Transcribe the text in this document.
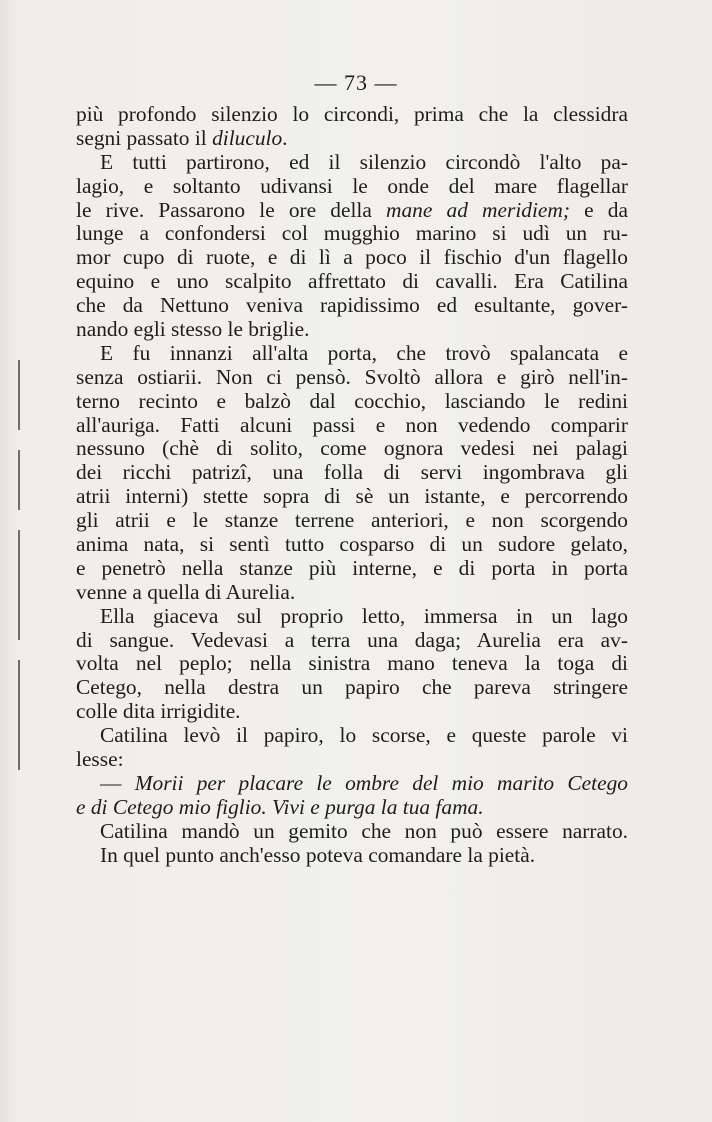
— 73 —
più profondo silenzio lo circondi, prima che la clessidra
segni passato il diluculo.
E tutti partirono, ed il silenzio circondò l'alto pa-
lagio, e soltanto udivansi le onde del mare flagellar
le rive. Passarono le ore della mane ad meridiem; e da
lunge a confondersi col mugghio marino si udì un ru-
mor cupo di ruote, e di lì a poco il fischio d'un flagello
equino e uno scalpito affrettato di cavalli. Era Catilina
che da Nettuno veniva rapidissimo ed esultante, gover-
nando egli stesso le briglie.
E fu innanzi all'alta porta, che trovò spalancata e
senza ostiarii. Non ci pensò. Svoltò allora e girò nell'in-
terno recinto e balzò dal cocchio, lasciando le redini
all'auriga. Fatti alcuni passi e non vedendo comparir
nessuno (chè di solito, come ognora vedesi nei palagi
dei ricchi patrizî, una folla di servi ingombrava gli
atrii interni) stette sopra di sè un istante, e percorrendo
gli atrii e le stanze terrene anteriori, e non scorgendo
anima nata, si sentì tutto cosparso di un sudore gelato,
e penetrò nella stanze più interne, e di porta in porta
venne a quella di Aurelia.
Ella giaceva sul proprio letto, immersa in un lago
di sangue. Vedevasi a terra una daga; Aurelia era av-
volta nel peplo; nella sinistra mano teneva la toga di
Cetego, nella destra un papiro che pareva stringere
colle dita irrigidite.
Catilina levò il papiro, lo scorse, e queste parole vi
lesse:
— Morii per placare le ombre del mio marito Cetego
e di Cetego mio figlio. Vivi e purga la tua fama.
Catilina mandò un gemito che non può essere narrato.
In quel punto anch'esso poteva comandare la pietà.
